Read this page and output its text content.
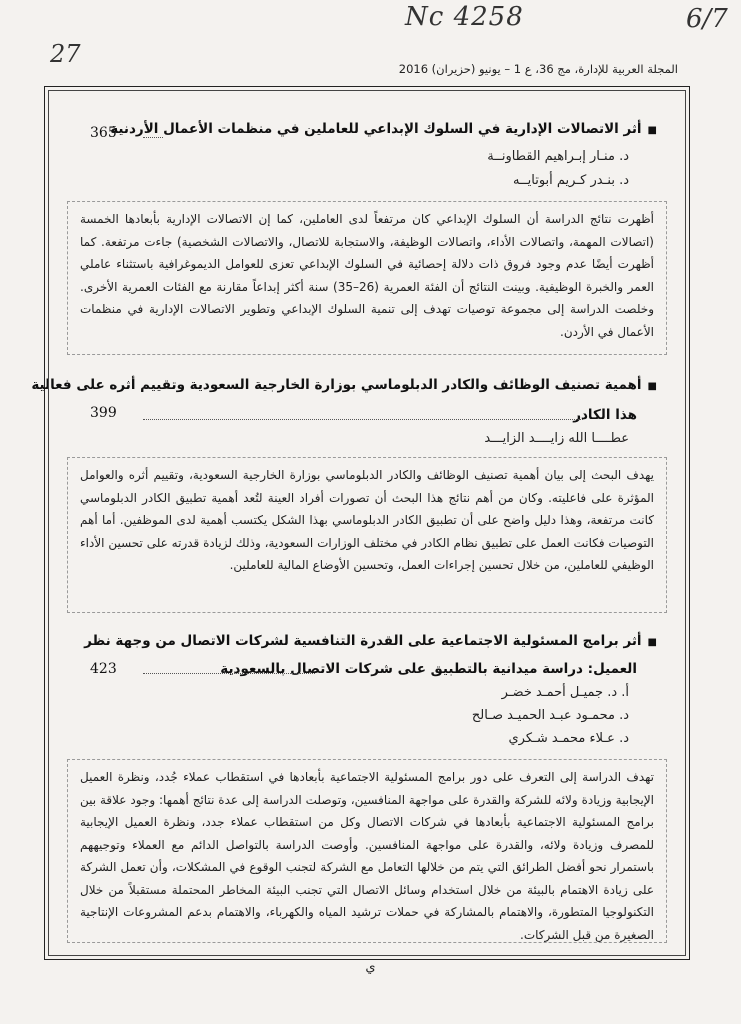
Nc 4258	6/7
27
المجلة العربية للإدارة، مج 36، ع 1 – يونيو (حزيران) 2016
■أثر الاتصالات الإدارية في السلوك الإبداعي للعاملين في منظمات الأعمال الأردنية
365
د. منـار إبـراهيم القطاونــة
د. بنـدر كـريم أبوتايــه
أظهرت نتائج الدراسة أن السلوك الإبداعي كان مرتفعاً لدى العاملين، كما إن الاتصالات الإدارية بأبعادها الخمسة (اتصالات المهمة، واتصالات الأداء، واتصالات الوظيفة، والاستجابة للاتصال، والاتصالات الشخصية) جاءت مرتفعة. كما أظهرت أيضًا عدم وجود فروق ذات دلالة إحصائية في السلوك الإبداعي تعزى للعوامل الديموغرافية باستثناء عاملي العمر والخبرة الوظيفية. وبينت النتائج أن الفئة العمرية (26–35) سنة أكثر إبداعاً مقارنة مع الفئات العمرية الأخرى. وخلصت الدراسة إلى مجموعة توصيات تهدف إلى تنمية السلوك الإبداعي وتطوير الاتصالات الإدارية في منظمات الأعمال في الأردن.
■أهمية تصنيف الوظائف والكادر الدبلوماسي بوزارة الخارجية السعودية وتقييم أثره على فعالية
هذا الكادر
399
عطــــا الله زايــــد الزايـــد
يهدف البحث إلى بيان أهمية تصنيف الوظائف والكادر الدبلوماسي بوزارة الخارجية السعودية، وتقييم أثره والعوامل المؤثرة على فاعليته. وكان من أهم نتائج هذا البحث أن تصورات أفراد العينة لتُعد أهمية تطبيق الكادر الدبلوماسي كانت مرتفعة، وهذا دليل واضح على أن تطبيق الكادر الدبلوماسي بهذا الشكل يكتسب أهمية لدى الموظفين. أما أهم التوصيات فكانت العمل على تطبيق نظام الكادر في مختلف الوزارات السعودية، وذلك لزيادة قدرته على تحسين الأداء الوظيفي للعاملين، من خلال تحسين إجراءات العمل، وتحسين الأوضاع المالية للعاملين.
■أثر برامج المسئولية الاجتماعية على القدرة التنافسية لشركات الاتصال من وجهة نظر
العميل: دراسة ميدانية بالتطبيق على شركات الاتصال بالسعودية
423
أ. د. جميـل أحمـد خضـر
د. محمـود عبـد الحميـد صـالح
د. عـلاء محمـد شـكري
تهدف الدراسة إلى التعرف على دور برامج المسئولية الاجتماعية بأبعادها في استقطاب عملاء جُدد، ونظرة العميل الإيجابية وزيادة ولائه للشركة والقدرة على مواجهة المنافسين، وتوصلت الدراسة إلى عدة نتائج أهمها: وجود علاقة بين برامج المسئولية الاجتماعية بأبعادها في شركات الاتصال وكل من استقطاب عملاء جدد، ونظرة العميل الإيجابية للمصرف وزيادة ولائه، والقدرة على مواجهة المنافسين. وأوصت الدراسة بالتواصل الدائم مع العملاء وتوجيههم باستمرار نحو أفضل الطرائق التي يتم من خلالها التعامل مع الشركة لتجنب الوقوع في المشكلات، وأن تعمل الشركة على زيادة الاهتمام بالبيئة من خلال استخدام وسائل الاتصال التي تجنب البيئة المخاطر المحتملة مستقبلاً من خلال التكنولوجيا المتطورة، والاهتمام بالمشاركة في حملات ترشيد المياه والكهرباء، والاهتمام بدعم المشروعات الإنتاجية الصغيرة من قبل الشركات.
ي
